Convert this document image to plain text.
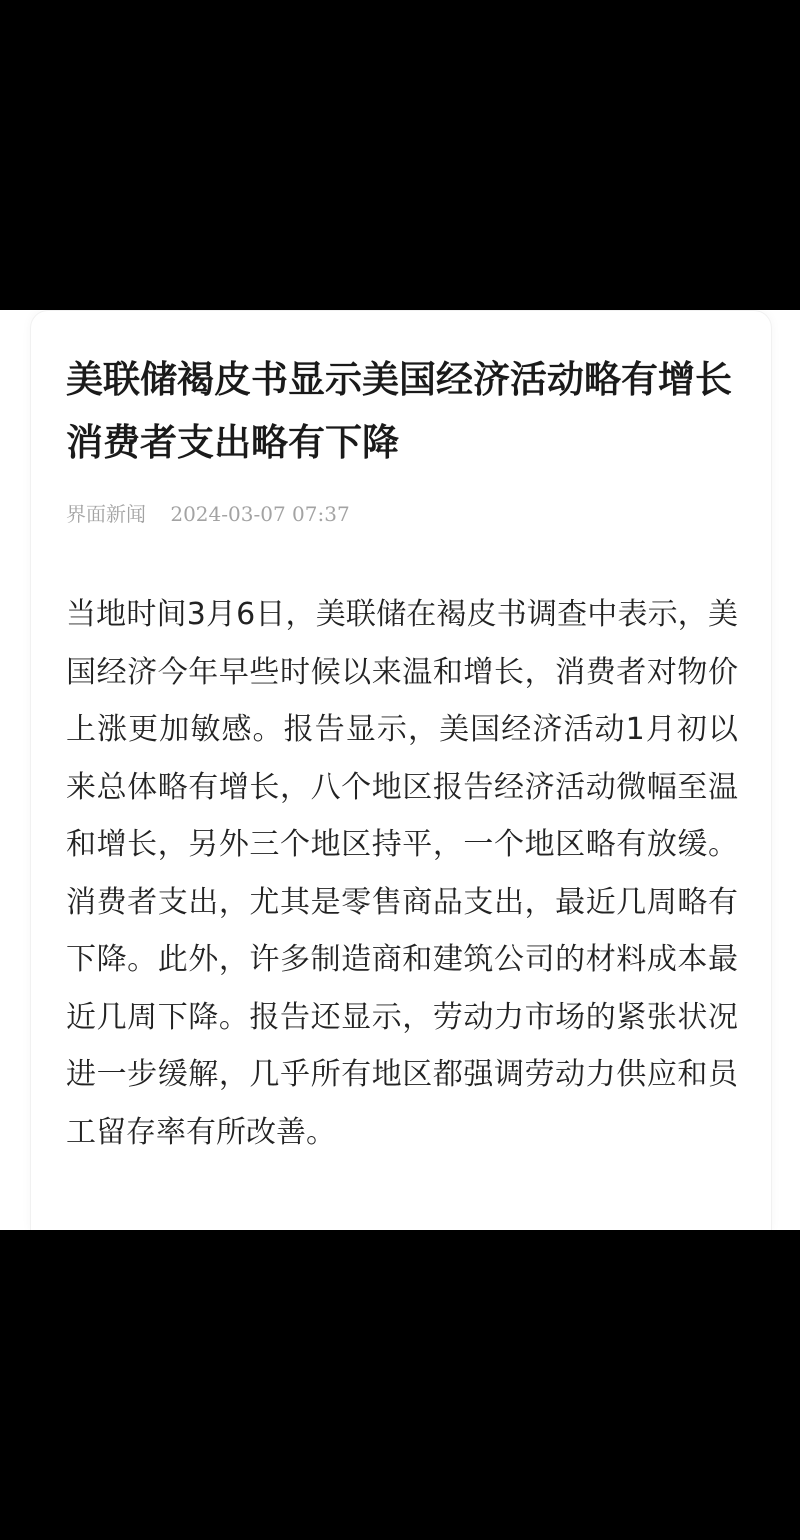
美联储褐皮书显示美国经济活动略有增长 消费者支出略有下降
界面新闻 2024-03-07 07:37

当地时间3月6日，美联储在褐皮书调查中表示，美国经济今年早些时候以来温和增长，消费者对物价上涨更加敏感。报告显示，美国经济活动1月初以来总体略有增长，八个地区报告经济活动微幅至温和增长，另外三个地区持平，一个地区略有放缓。消费者支出，尤其是零售商品支出，最近几周略有下降。此外，许多制造商和建筑公司的材料成本最近几周下降。报告还显示，劳动力市场的紧张状况进一步缓解，几乎所有地区都强调劳动力供应和员工留存率有所改善。
